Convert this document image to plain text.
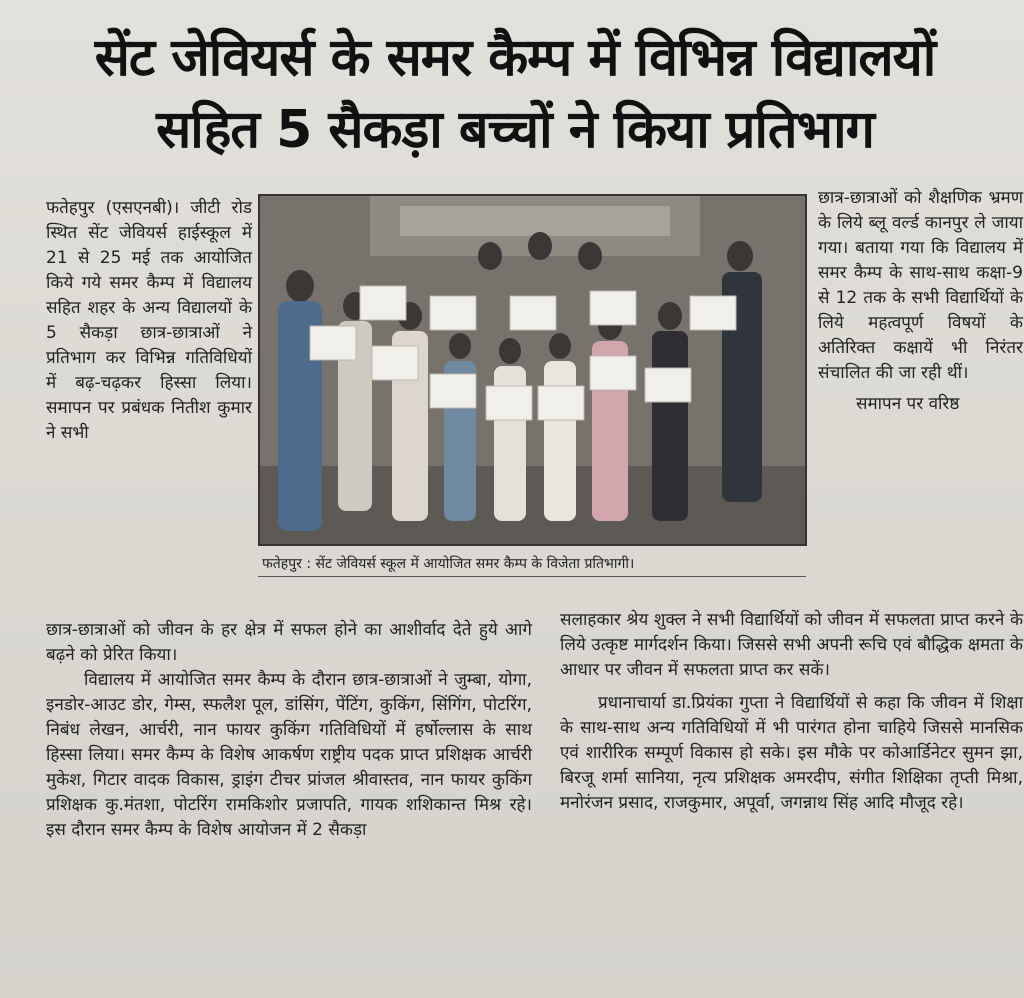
सेंट जेवियर्स के समर कैम्प में विभिन्न विद्यालयों
सहित 5 सैकड़ा बच्चों ने किया प्रतिभाग

फतेहपुर (एसएनबी)। जीटी रोड स्थित सेंट जेवियर्स हाईस्कूल में 21 से 25 मई तक आयोजित किये गये समर कैम्प में विद्यालय सहित शहर के अन्य विद्यालयों के 5 सैकड़ा छात्र-छात्राओं ने प्रतिभाग कर विभिन्न गतिविधियों में बढ़-चढ़कर हिस्सा लिया। समापन पर प्रबंधक नितीश कुमार ने सभी

फतेहपुर : सेंट जेवियर्स स्कूल में आयोजित समर कैम्प के विजेता प्रतिभागी।

छात्र-छात्राओं को शैक्षणिक भ्रमण के लिये ब्लू वर्ल्ड कानपुर ले जाया गया। बताया गया कि विद्यालय में समर कैम्प के साथ-साथ कक्षा-9 से 12 तक के सभी विद्यार्थियों के लिये महत्वपूर्ण विषयों के अतिरिक्त कक्षायें भी निरंतर संचालित की जा रही थीं।

समापन पर वरिष्ठ

छात्र-छात्राओं को जीवन के हर क्षेत्र में सफल होने का आशीर्वाद देते हुये आगे बढ़ने को प्रेरित किया।

विद्यालय में आयोजित समर कैम्प के दौरान छात्र-छात्राओं ने जुम्बा, योगा, इनडोर-आउट डोर, गेम्स, स्फलैश पूल, डांसिंग, पेंटिंग, कुकिंग, सिंगिंग, पोटरिंग, निबंध लेखन, आर्चरी, नान फायर कुकिंग गतिविधियों में हर्षोल्लास के साथ हिस्सा लिया। समर कैम्प के विशेष आकर्षण राष्ट्रीय पदक प्राप्त प्रशिक्षक आर्चरी मुकेश, गिटार वादक विकास, ड्राइंग टीचर प्रांजल श्रीवास्तव, नान फायर कुकिंग प्रशिक्षक कु.मंतशा, पोटरिंग रामकिशोर प्रजापति, गायक शशिकान्त मिश्र रहे। इस दौरान समर कैम्प के विशेष आयोजन में 2 सैकड़ा

सलाहकार श्रेय शुक्ल ने सभी विद्यार्थियों को जीवन में सफलता प्राप्त करने के लिये उत्कृष्ट मार्गदर्शन किया। जिससे सभी अपनी रूचि एवं बौद्धिक क्षमता के आधार पर जीवन में सफलता प्राप्त कर सकें।

प्रधानाचार्या डा.प्रियंका गुप्ता ने विद्यार्थियों से कहा कि जीवन में शिक्षा के साथ-साथ अन्य गतिविधियों में भी पारंगत होना चाहिये जिससे मानसिक एवं शारीरिक सम्पूर्ण विकास हो सके। इस मौके पर कोआर्डिनेटर सुमन झा, बिरजू शर्मा सानिया, नृत्य प्रशिक्षक अमरदीप, संगीत शिक्षिका तृप्ती मिश्रा, मनोरंजन प्रसाद, राजकुमार, अपूर्वा, जगन्नाथ सिंह आदि मौजूद रहे।
